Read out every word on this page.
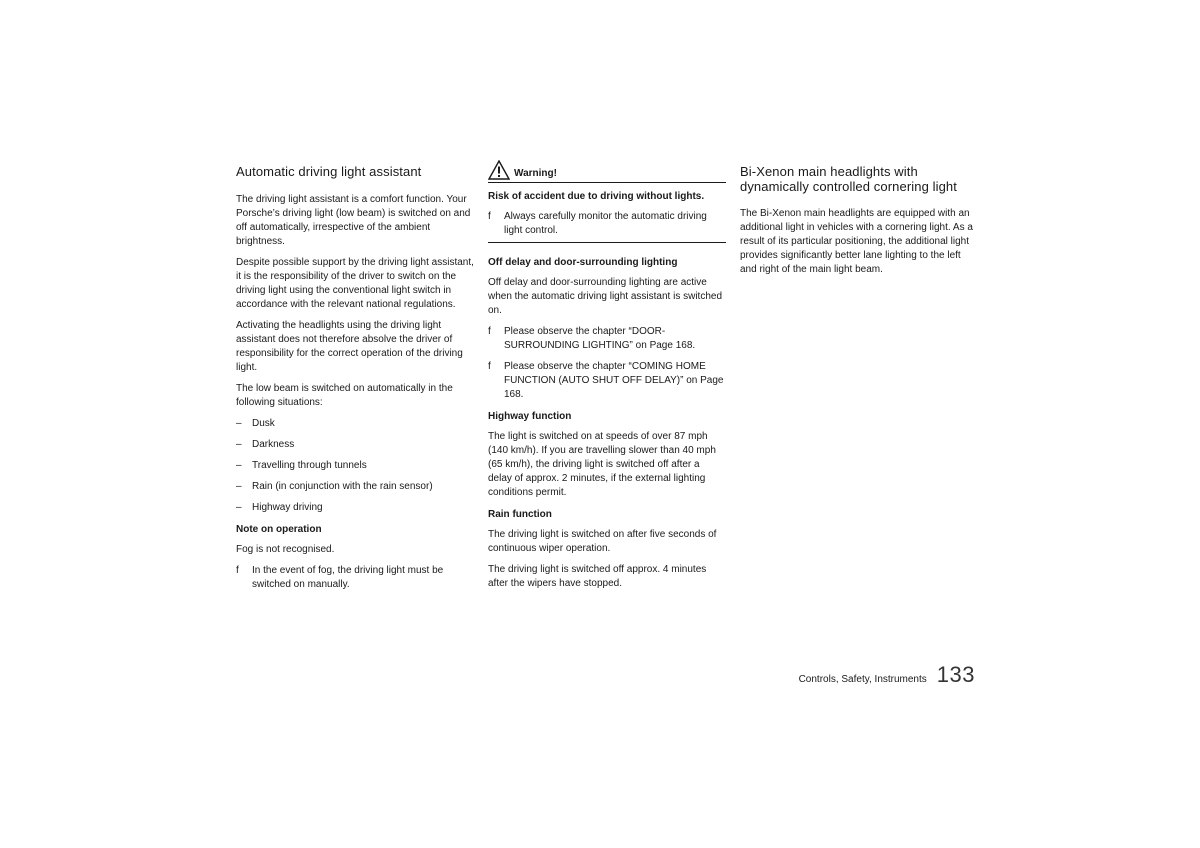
Automatic driving light assistant

The driving light assistant is a comfort function. Your Porsche’s driving light (low beam) is switched on and off automatically, irrespective of the ambient brightness.

Despite possible support by the driving light assistant, it is the responsibility of the driver to switch on the driving light using the conventional light switch in accordance with the relevant national regulations.

Activating the headlights using the driving light assistant does not therefore absolve the driver of responsibility for the correct operation of the driving light.

The low beam is switched on automatically in the following situations:

– Dusk
– Darkness
– Travelling through tunnels
– Rain (in conjunction with the rain sensor)
– Highway driving
Note on operation

Fog is not recognised.

f In the event of fog, the driving light must be switched on manually.
Warning!
Risk of accident due to driving without lights.
f Always carefully monitor the automatic driving light control.
Off delay and door-surrounding lighting

Off delay and door-surrounding lighting are active when the automatic driving light assistant is switched on.

f Please observe the chapter “DOOR-SURROUNDING LIGHTING” on Page 168.
f Please observe the chapter “COMING HOME FUNCTION (AUTO SHUT OFF DELAY)” on Page 168.
Highway function

The light is switched on at speeds of over 87 mph (140 km/h). If you are travelling slower than 40 mph (65 km/h), the driving light is switched off after a delay of approx. 2 minutes, if the external lighting conditions permit.

Rain function

The driving light is switched on after five seconds of continuous wiper operation.

The driving light is switched off approx. 4 minutes after the wipers have stopped.

Bi-Xenon main headlights with
dynamically controlled cornering light

The Bi-Xenon main headlights are equipped with an additional light in vehicles with a cornering light. As a result of its particular positioning, the additional light provides significantly better lane lighting to the left and right of the main light beam.

Controls, Safety, Instruments 133
